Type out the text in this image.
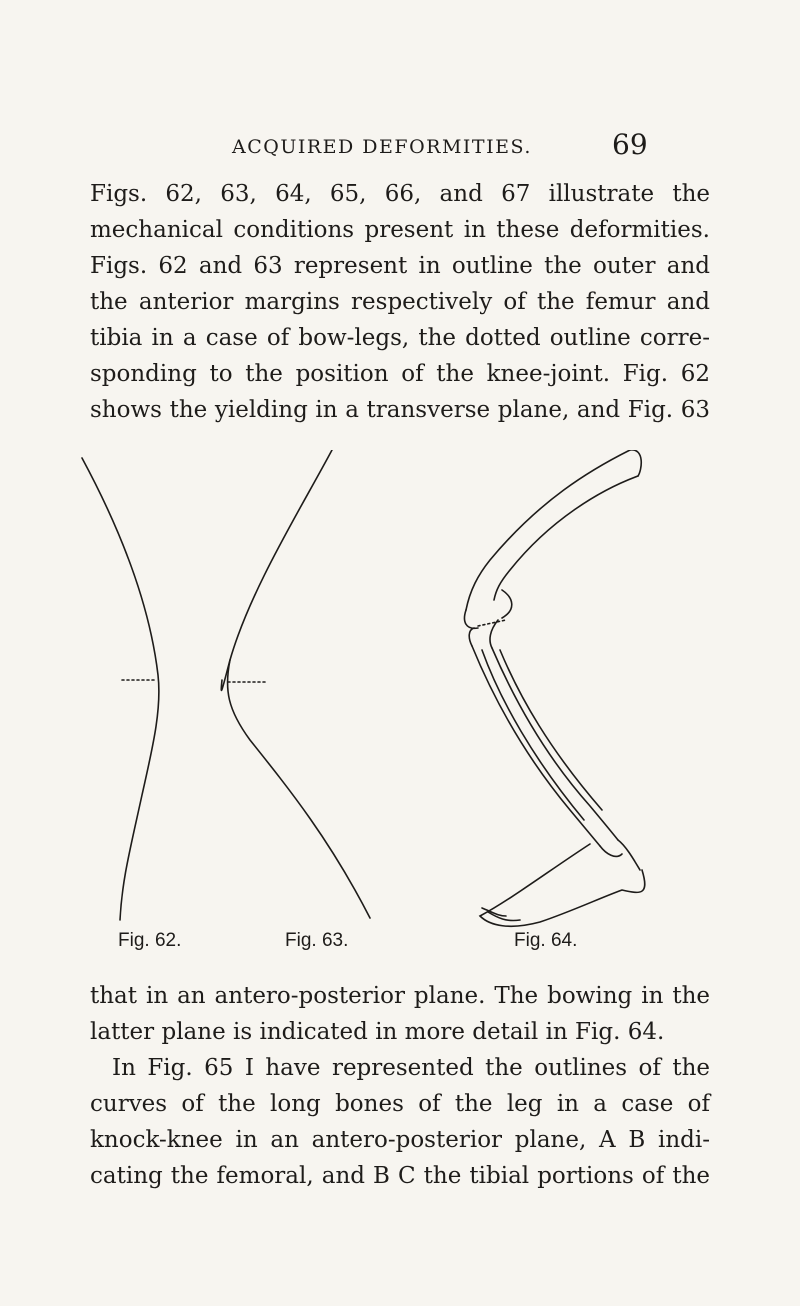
ACQUIRED DEFORMITIES.	69

Figs. 62, 63, 64, 65, 66, and 67 illustrate the
mechanical conditions present in these deformities.
Figs. 62 and 63 represent in outline the outer and
the anterior margins respectively of the femur and
tibia in a case of bow-legs, the dotted outline corre-
sponding to the position of the knee-joint. Fig. 62
shows the yielding in a transverse plane, and Fig. 63

Fig. 62.	Fig. 63.	Fig. 64.

that in an antero-posterior plane. The bowing in the
latter plane is indicated in more detail in Fig. 64.

In Fig. 65 I have represented the outlines of the
curves of the long bones of the leg in a case of
knock-knee in an antero-posterior plane, A B indi-
cating the femoral, and B C the tibial portions of the
